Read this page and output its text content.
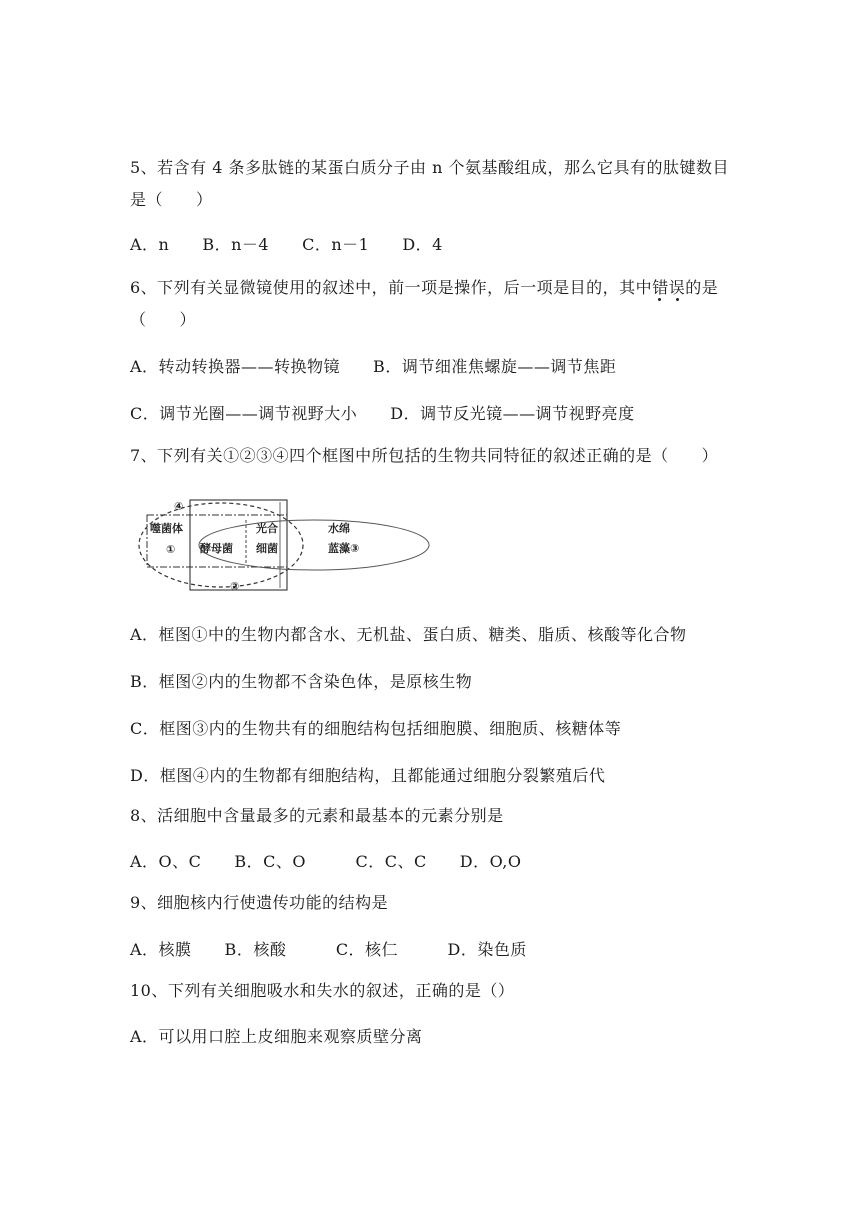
5、若含有 4 条多肽链的某蛋白质分子由 n 个氨基酸组成，那么它具有的肽键数目
是（　　）
A．n　　B．n－4　　C．n－1　　D．4
6、下列有关显微镜使用的叙述中，前一项是操作，后一项是目的，其中错误的是
（　　）
A．转动转换器——转换物镜　　B．调节细准焦螺旋——调节焦距
C．调节光圈——调节视野大小　　D．调节反光镜——调节视野亮度
7、下列有关①②③④四个框图中所包括的生物共同特征的叙述正确的是（　　）
④
噬菌体
① 酵母菌
光合
细菌
水绵
蓝藻③
②
A．框图①中的生物内都含水、无机盐、蛋白质、糖类、脂质、核酸等化合物
B．框图②内的生物都不含染色体，是原核生物
C．框图③内的生物共有的细胞结构包括细胞膜、细胞质、核糖体等
D．框图④内的生物都有细胞结构，且都能通过细胞分裂繁殖后代
8、活细胞中含量最多的元素和最基本的元素分别是
A．O、C　　B．C、O　　　C．C、C　　D．O,O
9、细胞核内行使遗传功能的结构是
A．核膜　　B．核酸　　　C．核仁　　　D．染色质
10、下列有关细胞吸水和失水的叙述，正确的是（）
A．可以用口腔上皮细胞来观察质壁分离
